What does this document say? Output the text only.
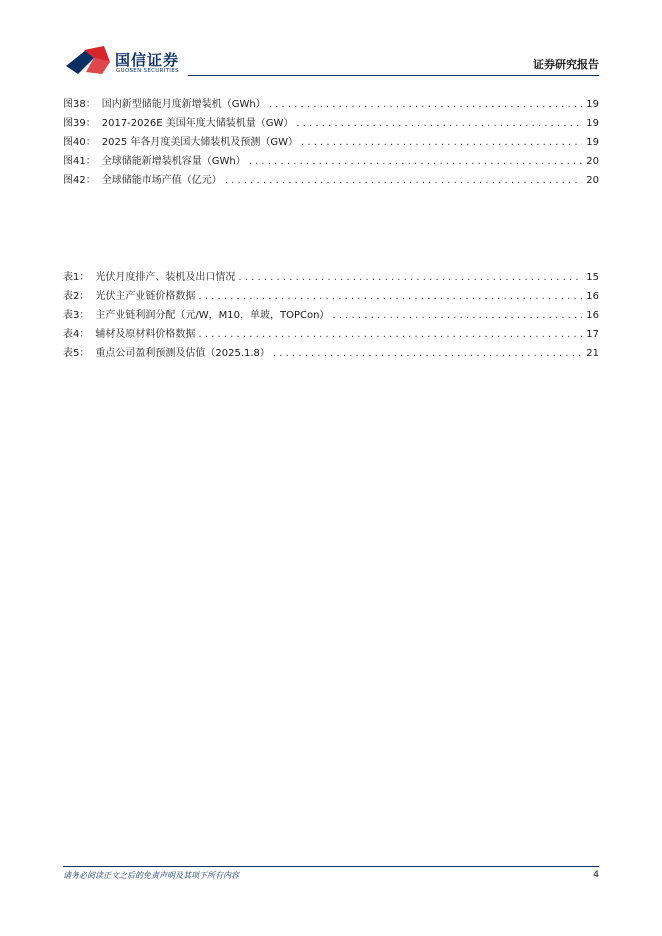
国信证券
GUOSEN SECURITIES	证券研究报告
图38： 国内新型储能月度新增装机（GWh） . . .	19
图39： 2017-2026E 美国年度大储装机量（GW） . . .	19
图40： 2025 年各月度美国大储装机及预测（GW） . . .	19
图41： 全球储能新增装机容量（GWh） . . .	20
图42： 全球储能市场产值（亿元） . . .	20
表1： 光伏月度排产、装机及出口情况 . . .	15
表2： 光伏主产业链价格数据 . . .	16
表3： 主产业链利润分配（元/W，M10，单玻，TOPCon） . . .	16
表4： 辅材及原材料价格数据 . . .	17
表5： 重点公司盈利预测及估值（2025.1.8） . . .	21
请务必阅读正文之后的免责声明及其项下所有内容	4
